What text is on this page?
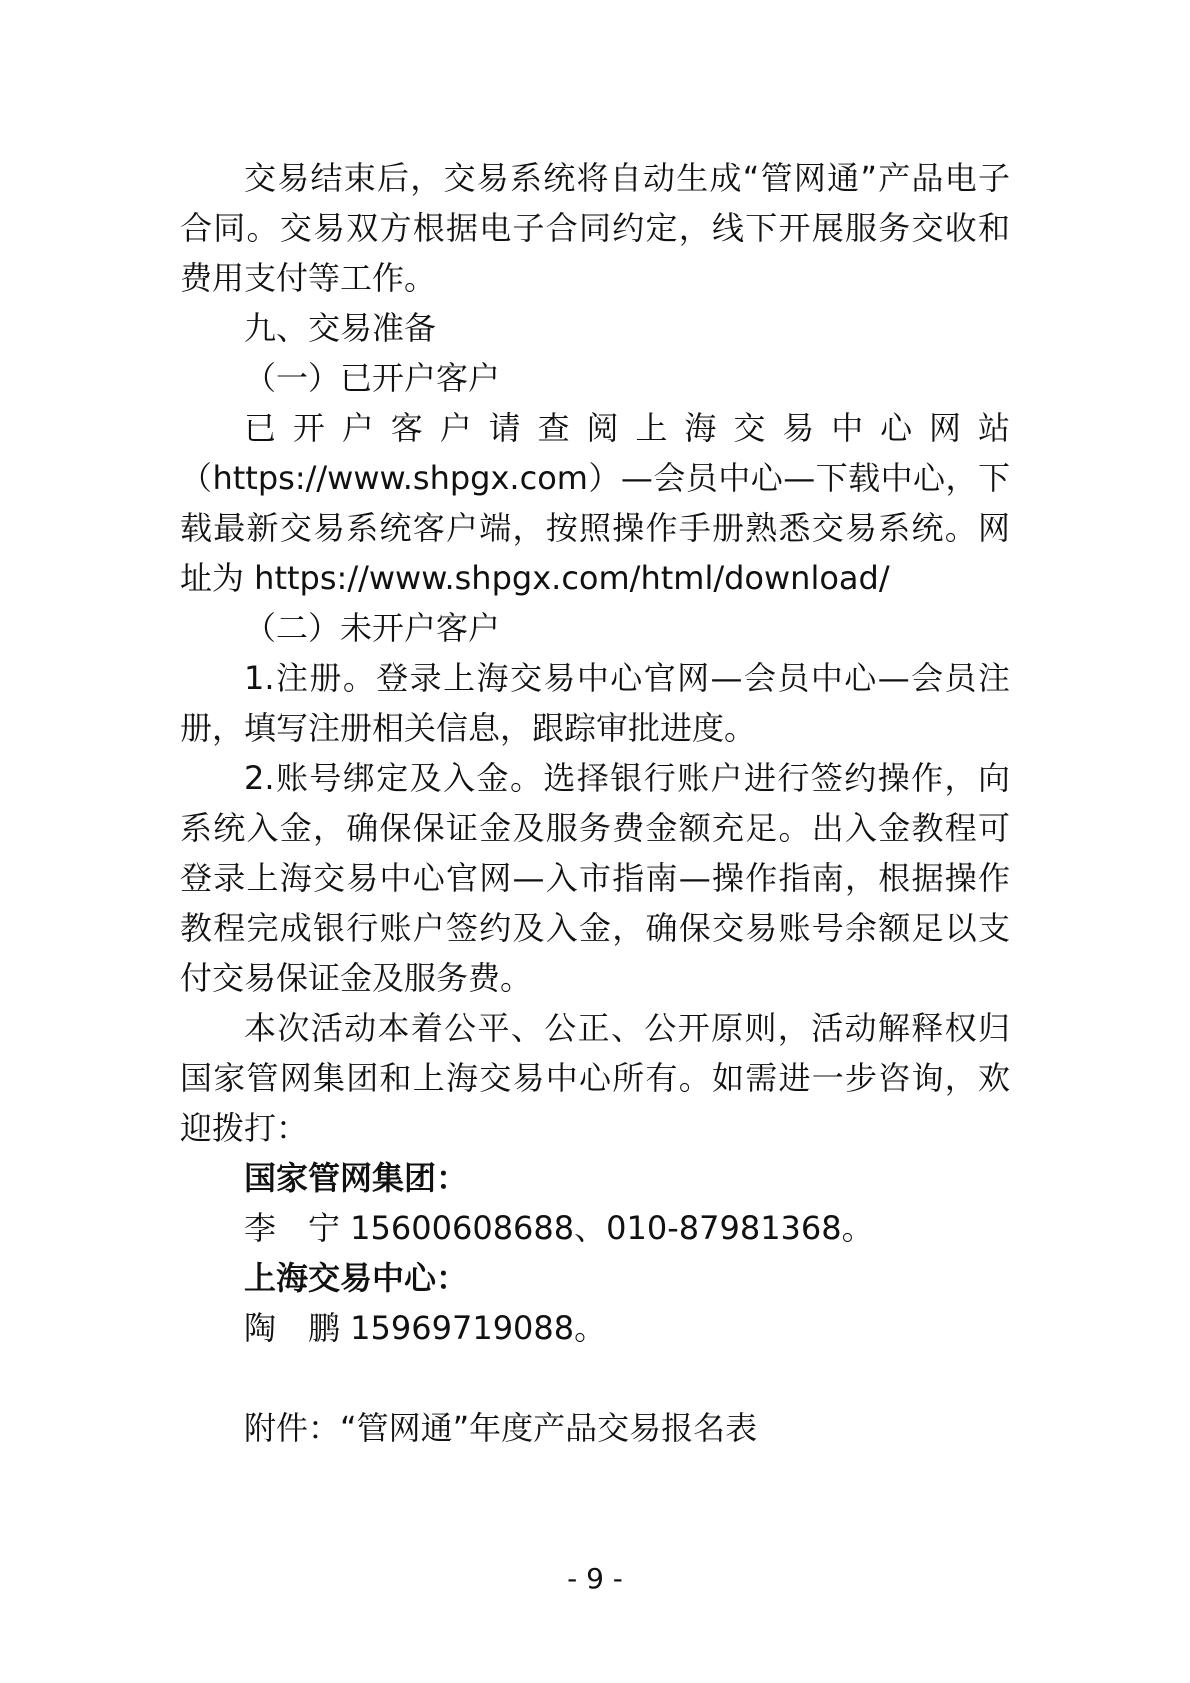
交易结束后，交易系统将自动生成“管网通”产品电子合同。交易双方根据电子合同约定，线下开展服务交收和费用支付等工作。

九、交易准备

（一）已开户客户

已开户客户请查阅上海交易中心网站（https://www.shpgx.com）—会员中心—下载中心，下载最新交易系统客户端，按照操作手册熟悉交易系统。网址为 https://www.shpgx.com/html/download/

（二）未开户客户

1.注册。登录上海交易中心官网—会员中心—会员注册，填写注册相关信息，跟踪审批进度。

2.账号绑定及入金。选择银行账户进行签约操作，向系统入金，确保保证金及服务费金额充足。出入金教程可登录上海交易中心官网—入市指南—操作指南，根据操作教程完成银行账户签约及入金，确保交易账号余额足以支付交易保证金及服务费。

本次活动本着公平、公正、公开原则，活动解释权归国家管网集团和上海交易中心所有。如需进一步咨询，欢迎拨打：

国家管网集团：

李　宁 15600608688、010-87981368。

上海交易中心：

陶　鹏 15969719088。

附件：“管网通”年度产品交易报名表

- 9 -
